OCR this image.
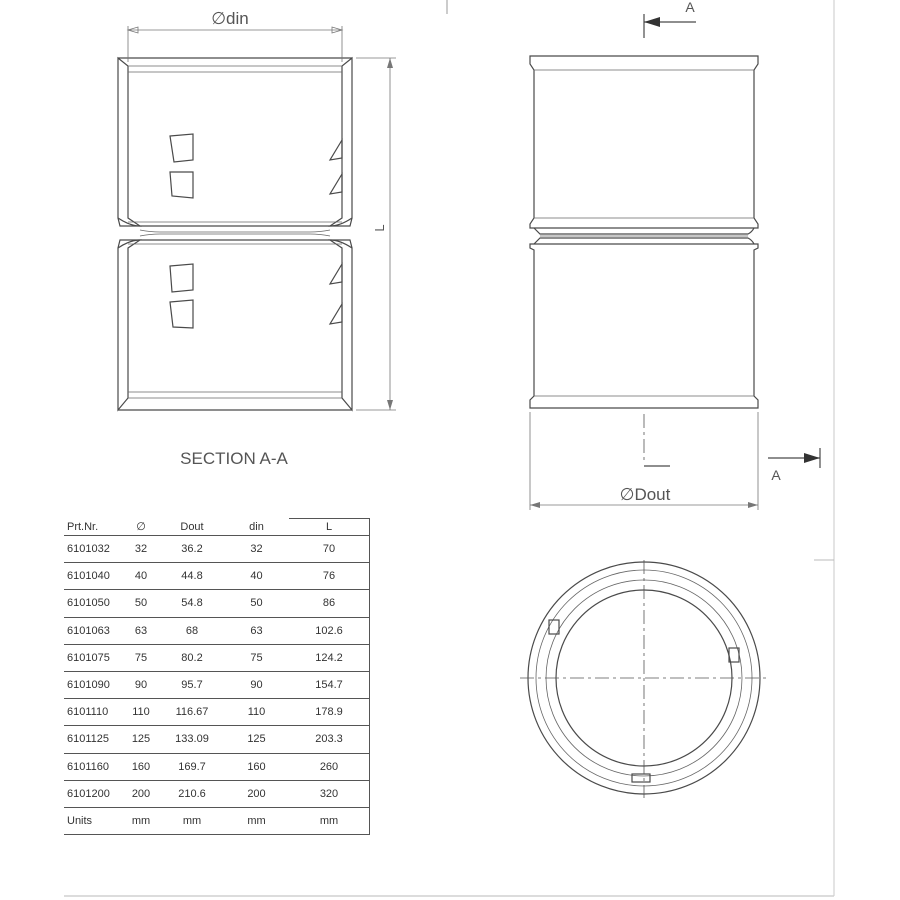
∅din
L
SECTION A-A
∅Dout
A
A
Prt.Nr.	∅	Dout	din	L
6101032	32	36.2	32	70
6101040	40	44.8	40	76
6101050	50	54.8	50	86
6101063	63	68	63	102.6
6101075	75	80.2	75	124.2
6101090	90	95.7	90	154.7
6101110	110	116.67	110	178.9
6101125	125	133.09	125	203.3
6101160	160	169.7	160	260
6101200	200	210.6	200	320
Units	mm	mm	mm	mm
